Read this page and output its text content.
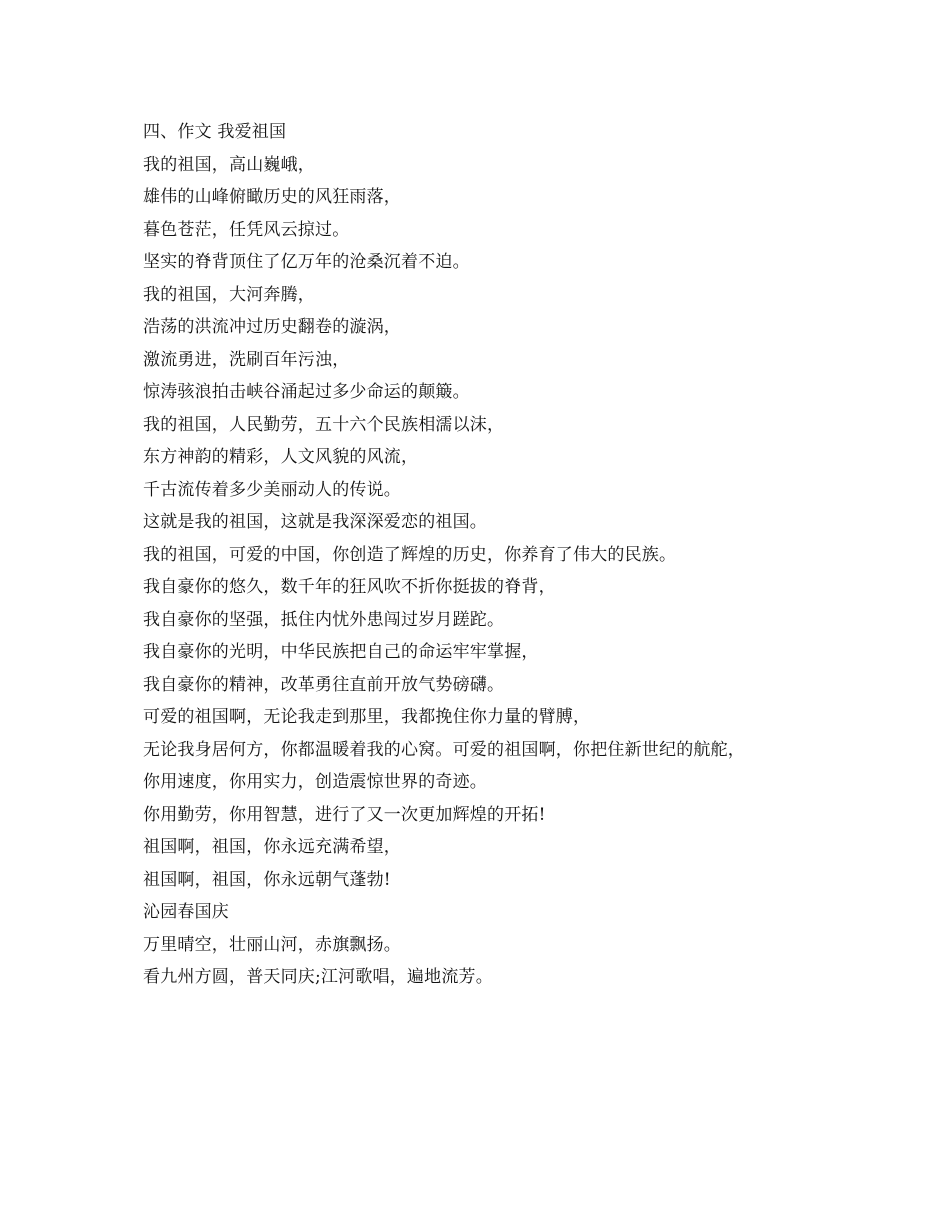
四、作文 我爱祖国
我的祖国，高山巍峨，
雄伟的山峰俯瞰历史的风狂雨落，
暮色苍茫，任凭风云掠过。
坚实的脊背顶住了亿万年的沧桑沉着不迫。
我的祖国，大河奔腾，
浩荡的洪流冲过历史翻卷的漩涡，
激流勇进，洗刷百年污浊，
惊涛骇浪拍击峡谷涌起过多少命运的颠簸。
我的祖国，人民勤劳，五十六个民族相濡以沫，
东方神韵的精彩，人文风貌的风流，
千古流传着多少美丽动人的传说。
这就是我的祖国，这就是我深深爱恋的祖国。
我的祖国，可爱的中国，你创造了辉煌的历史，你养育了伟大的民族。
我自豪你的悠久，数千年的狂风吹不折你挺拔的脊背，
我自豪你的坚强，抵住内忧外患闯过岁月蹉跎。
我自豪你的光明，中华民族把自己的命运牢牢掌握，
我自豪你的精神，改革勇往直前开放气势磅礴。
可爱的祖国啊，无论我走到那里，我都挽住你力量的臂膊，
无论我身居何方，你都温暖着我的心窝。可爱的祖国啊，你把住新世纪的航舵，
你用速度，你用实力，创造震惊世界的奇迹。
你用勤劳，你用智慧，进行了又一次更加辉煌的开拓!
祖国啊，祖国，你永远充满希望，
祖国啊，祖国，你永远朝气蓬勃!
沁园春国庆
万里晴空，壮丽山河，赤旗飘扬。
看九州方圆，普天同庆;江河歌唱，遍地流芳。
